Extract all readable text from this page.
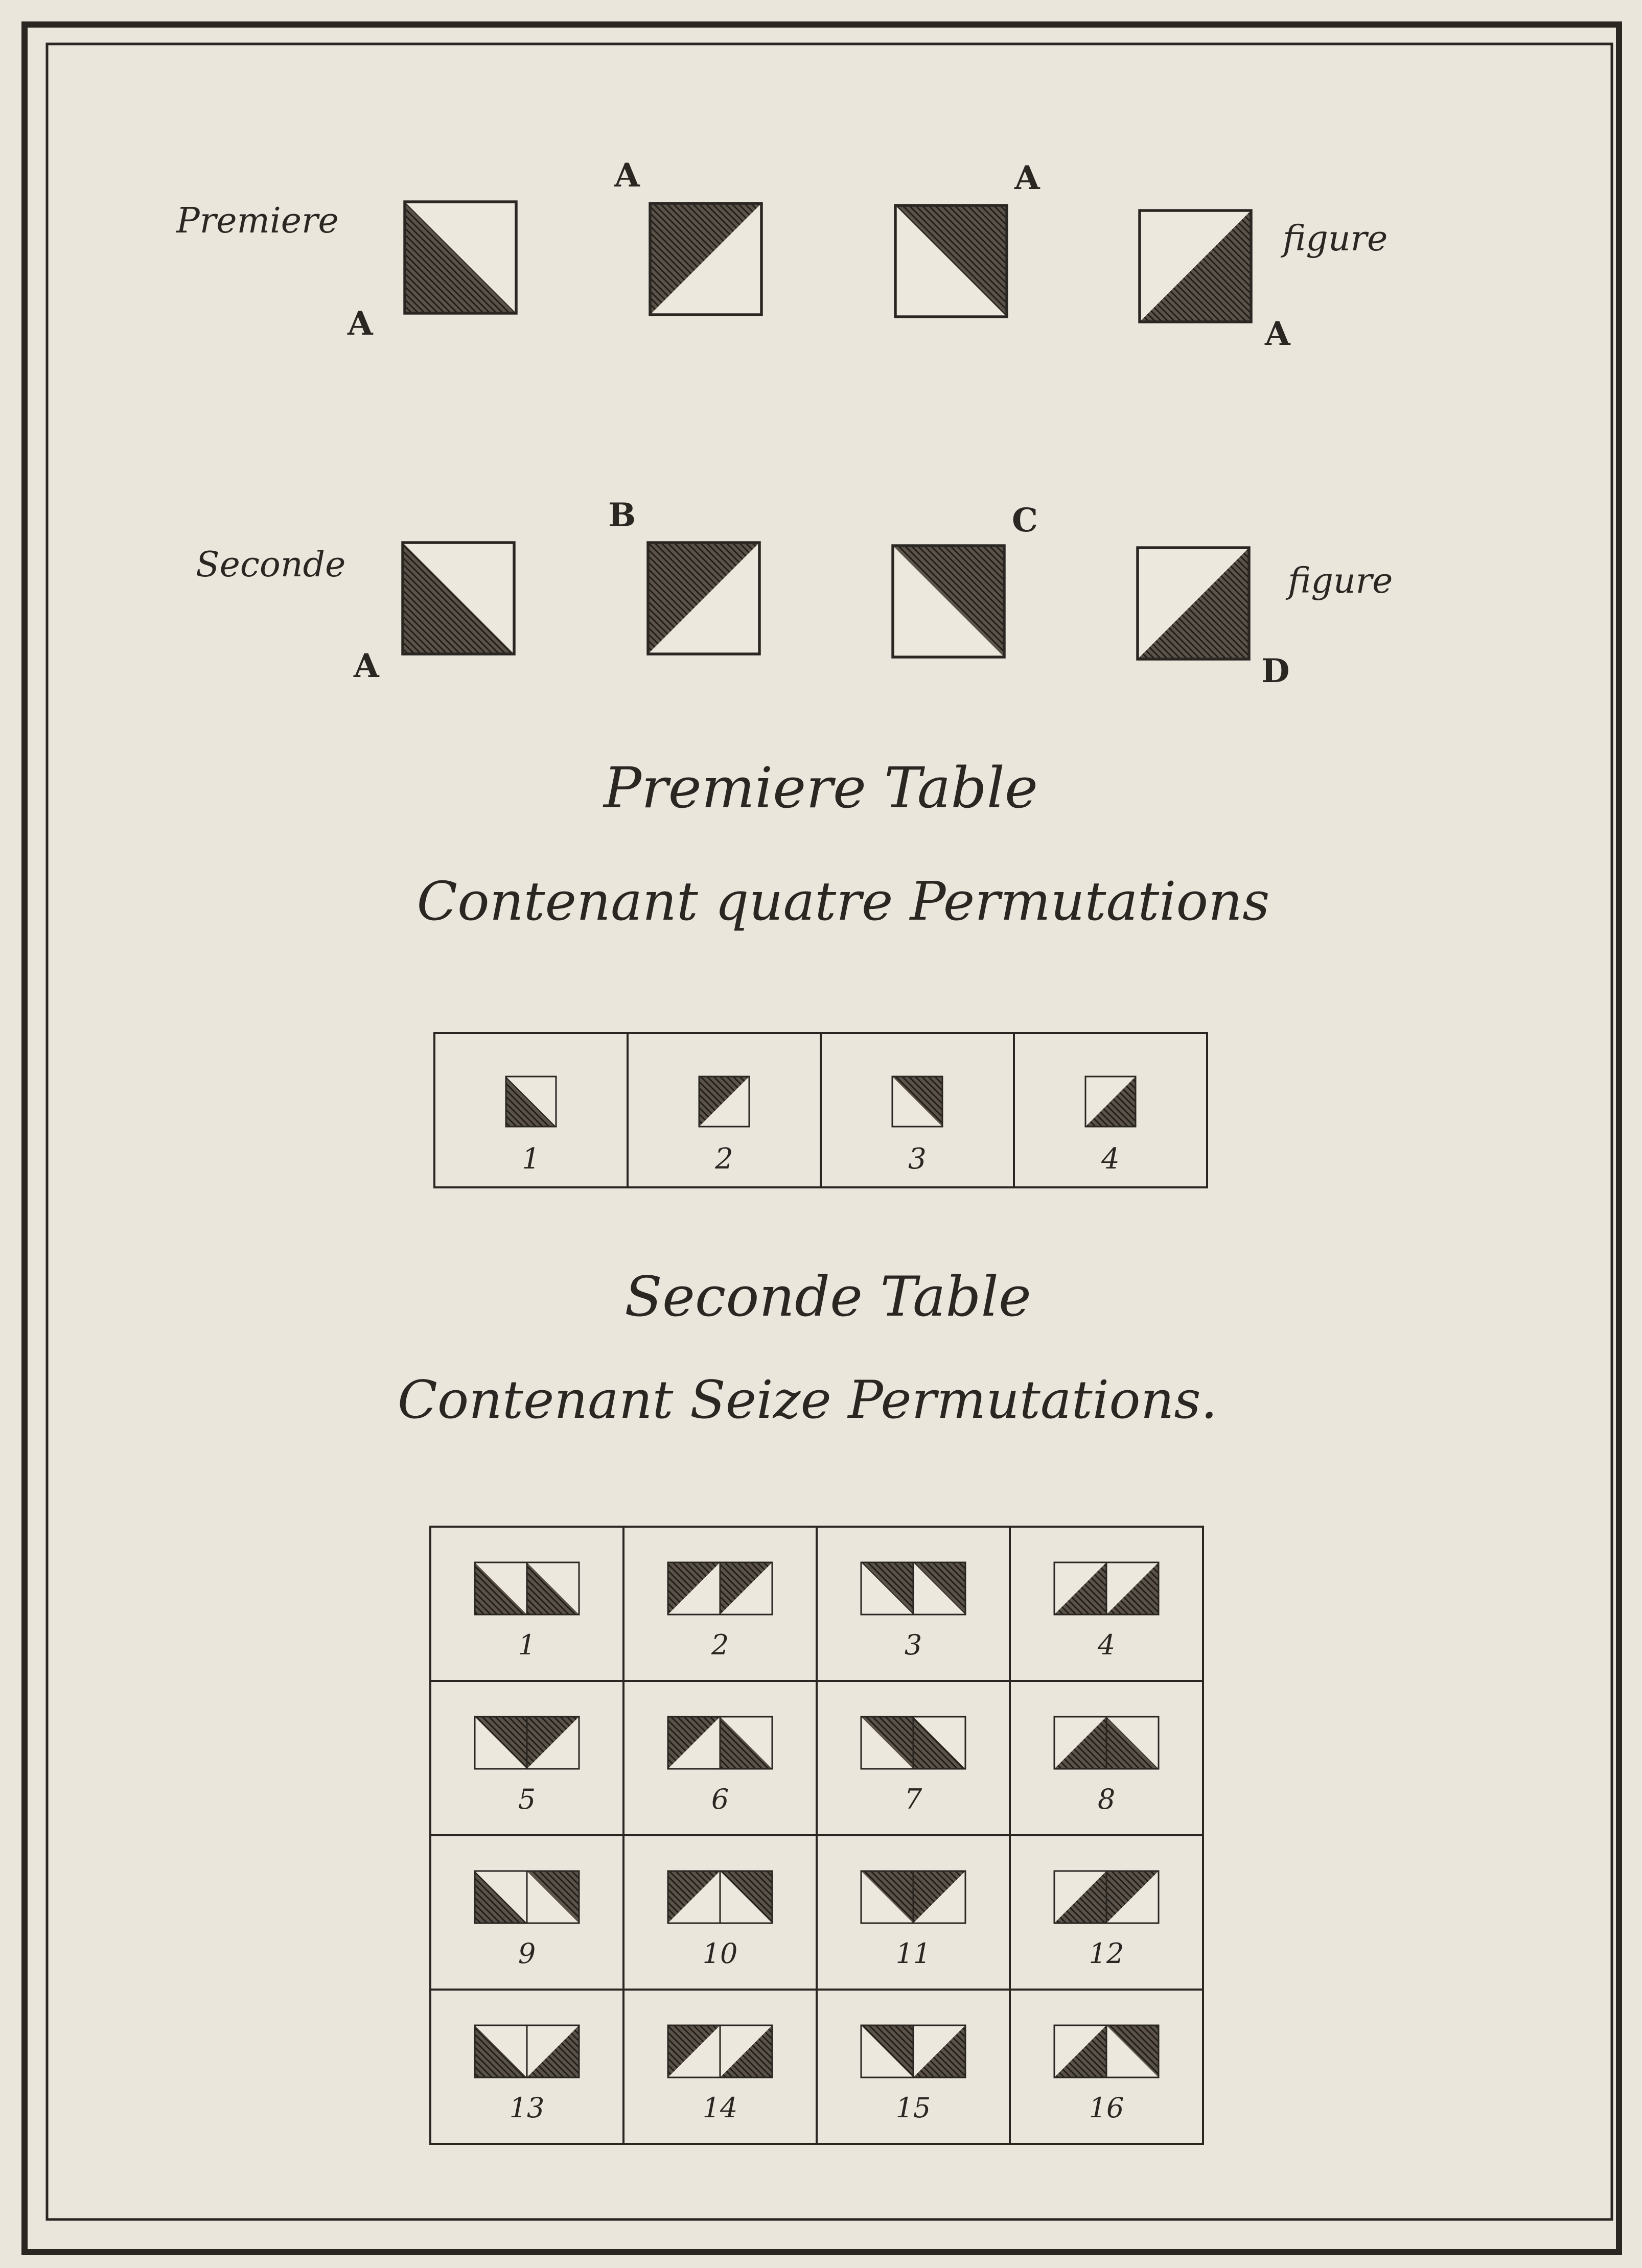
Premiere	figure
Seconde	figure
A
A	A
A
A
B	C
D
Premiere Table
Contenant quatre Permutations
1	2	3	4
Seconde Table
Contenant Seize Permutations.
1	2	3	4
5	6	7	8
9	10	11	12
13	14	15	16
